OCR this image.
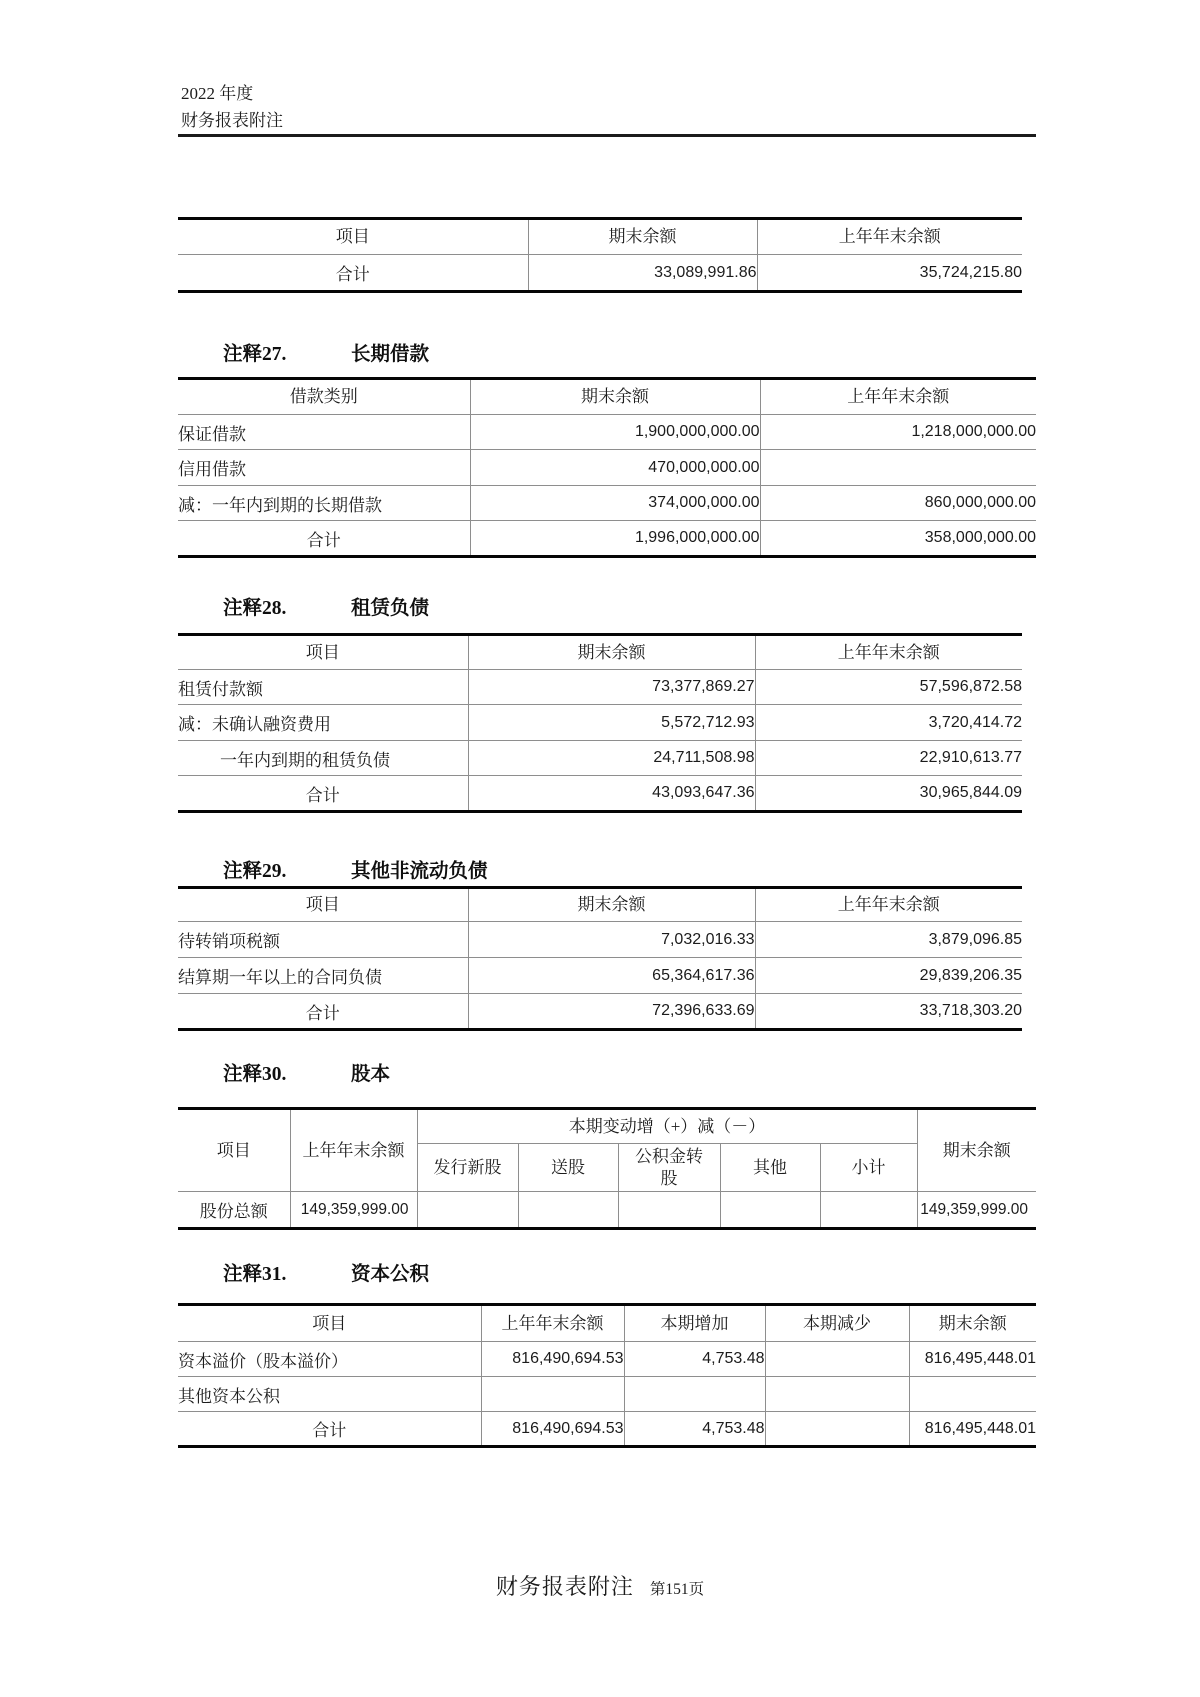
2022 年度
财务报表附注
项目	期末余额	上年年末余额
合计	33,089,991.86	35,724,215.80
注释27.	长期借款
借款类别	期末余额	上年年末余额
保证借款	1,900,000,000.00	1,218,000,000.00
信用借款	470,000,000.00	
减：一年内到期的长期借款	374,000,000.00	860,000,000.00
合计	1,996,000,000.00	358,000,000.00
注释28.	租赁负债
项目	期末余额	上年年末余额
租赁付款额	73,377,869.27	57,596,872.58
减：未确认融资费用	5,572,712.93	3,720,414.72
一年内到期的租赁负债	24,711,508.98	22,910,613.77
合计	43,093,647.36	30,965,844.09
注释29.	其他非流动负债
项目	期末余额	上年年末余额
待转销项税额	7,032,016.33	3,879,096.85
结算期一年以上的合同负债	65,364,617.36	29,839,206.35
合计	72,396,633.69	33,718,303.20
注释30.	股本
项目	上年年末余额	本期变动增（+）减（－）					期末余额
		发行新股	送股	公积金转股	其他	小计	
股份总额	149,359,999.00						149,359,999.00
注释31.	资本公积
项目	上年年末余额	本期增加	本期减少	期末余额
资本溢价（股本溢价）	816,490,694.53	4,753.48		816,495,448.01
其他资本公积				
合计	816,490,694.53	4,753.48		816,495,448.01
财务报表附注 第151页
